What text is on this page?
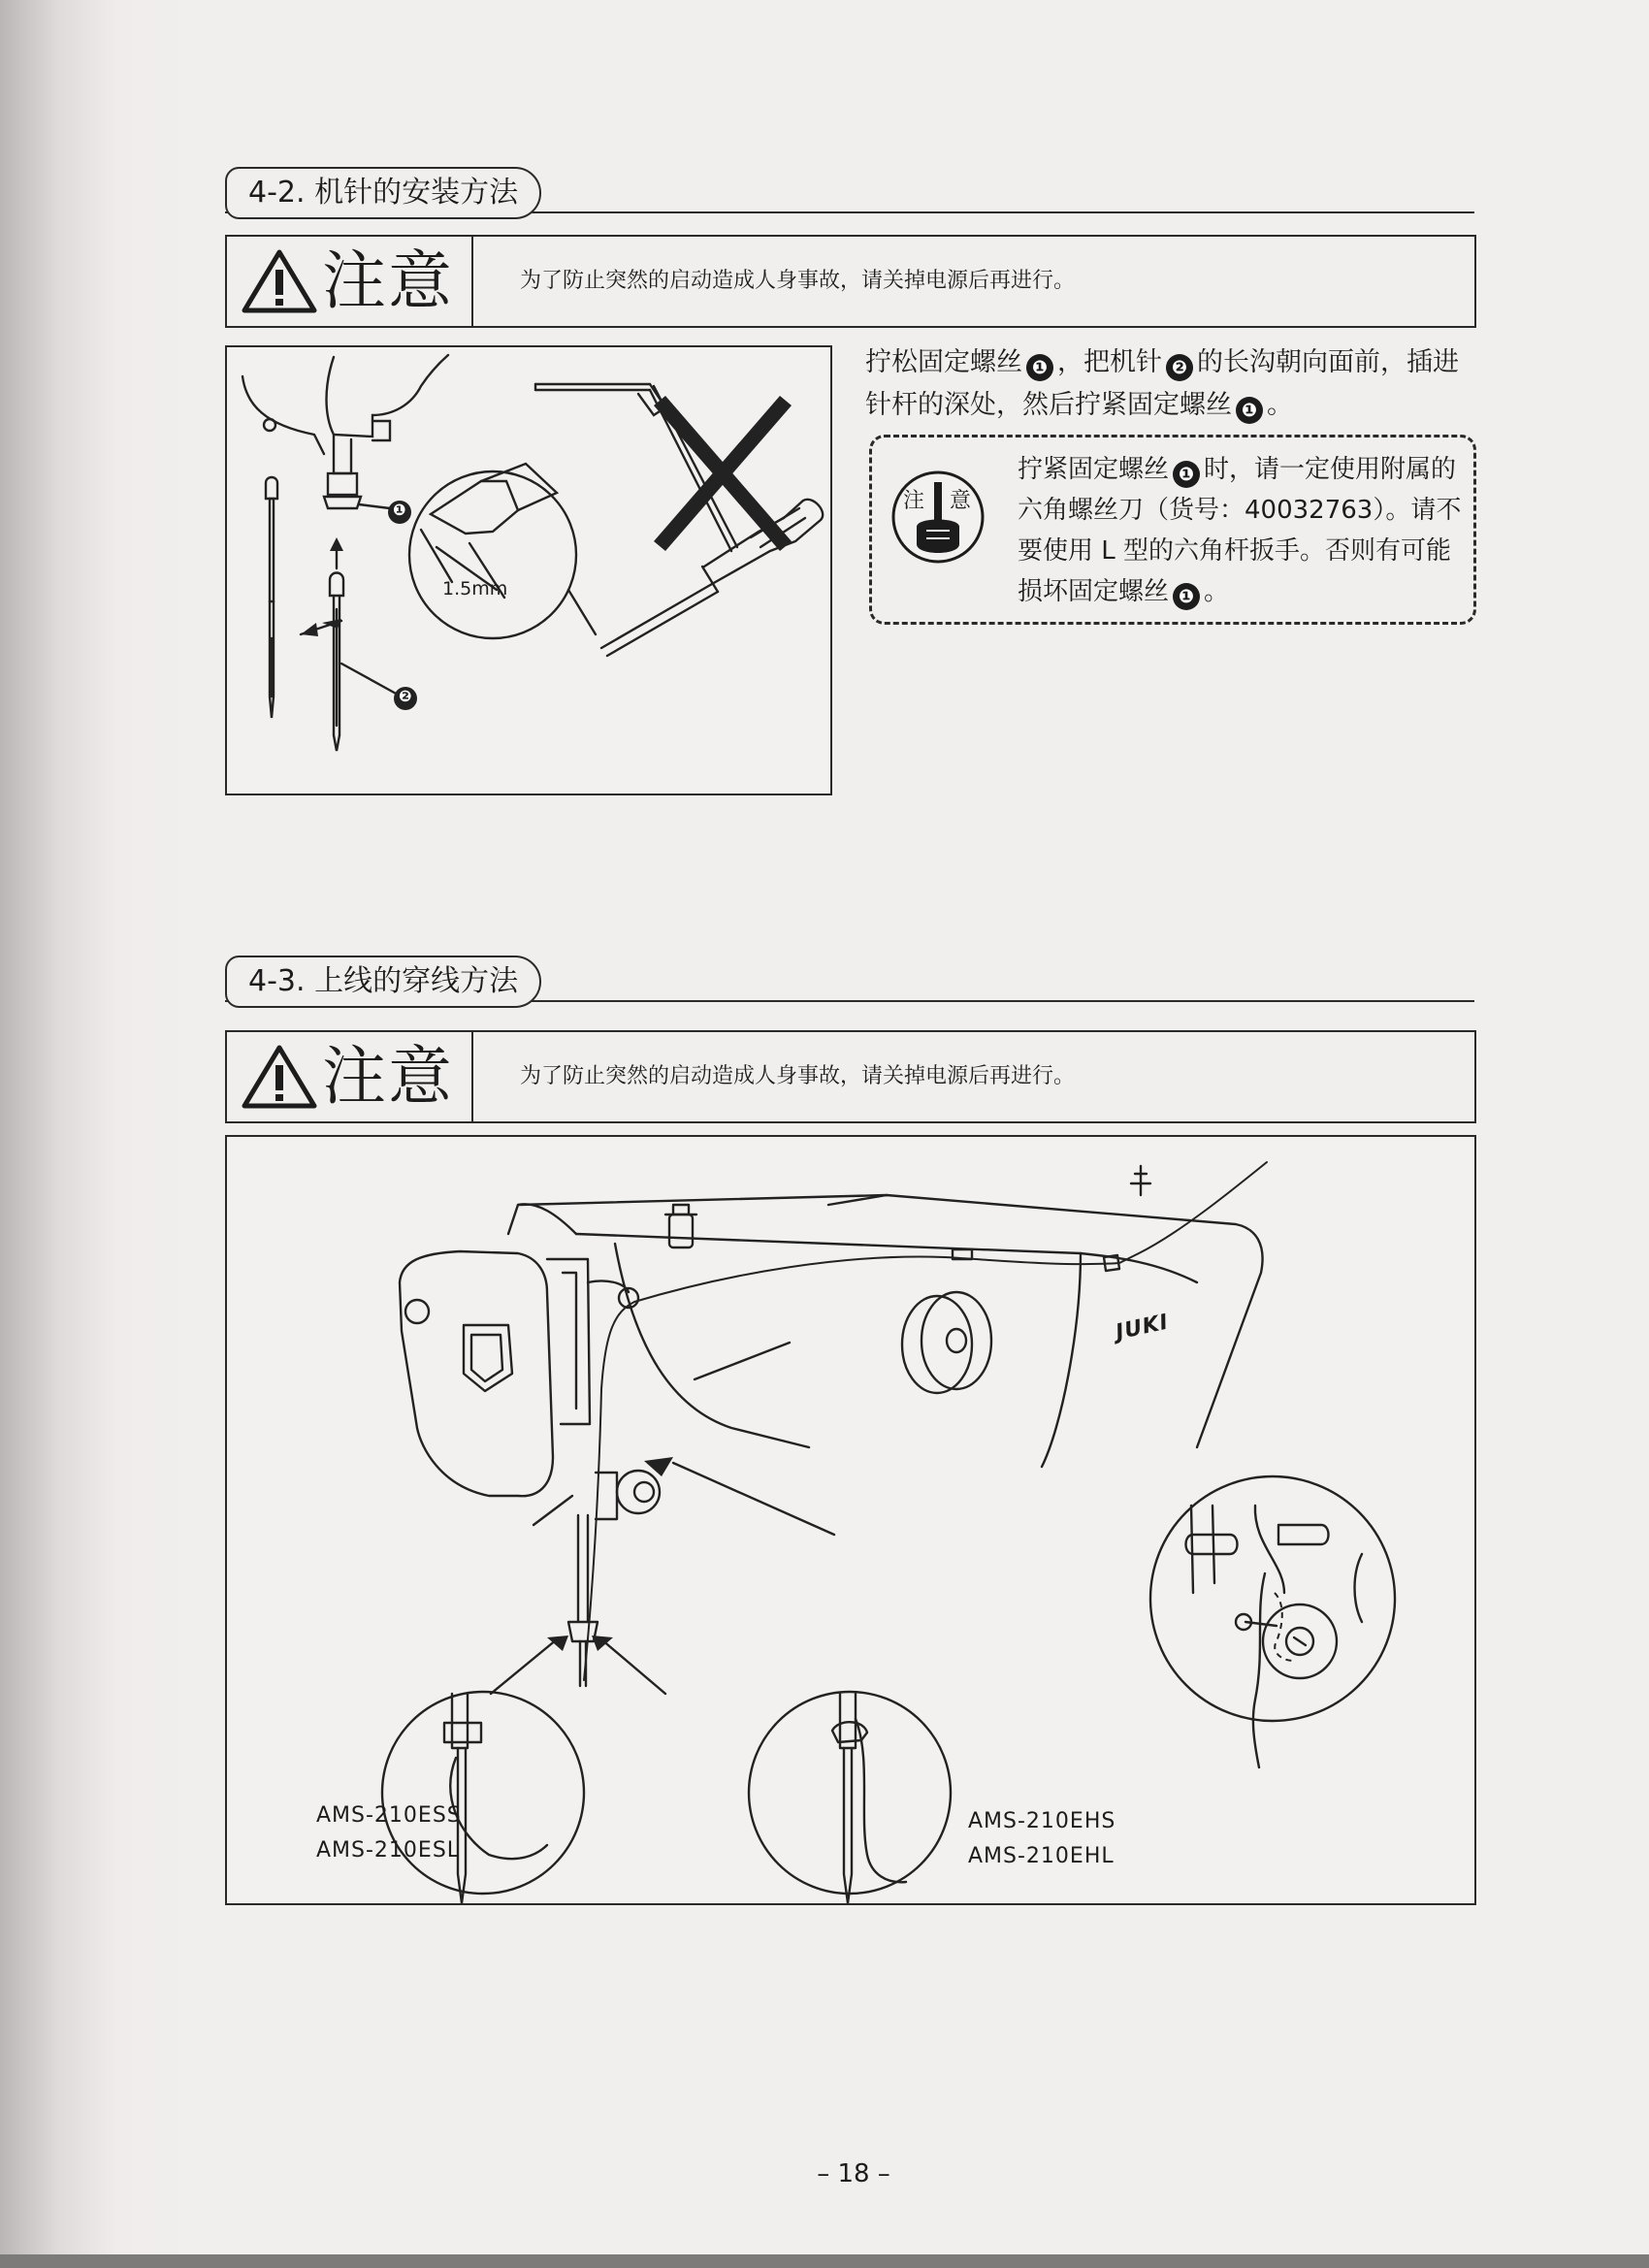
4-2. 机针的安装方法
注意	为了防止突然的启动造成人身事故，请关掉电源后再进行。
❶
❷
1.5mm
拧松固定螺丝 ❶ ，把机针 ❷ 的长沟朝向面前，插进针杆的深处，然后拧紧固定螺丝 ❶ 。
注 意
拧紧固定螺丝 ❶ 时，请一定使用附属的六角螺丝刀（货号：40032763）。请不要使用 L 型的六角杆扳手。否则有可能损坏固定螺丝 ❶ 。
4-3. 上线的穿线方法
注意	为了防止突然的启动造成人身事故，请关掉电源后再进行。
JUKI
AMS-210ESS
AMS-210ESL
AMS-210EHS
AMS-210EHL
– 18 –
